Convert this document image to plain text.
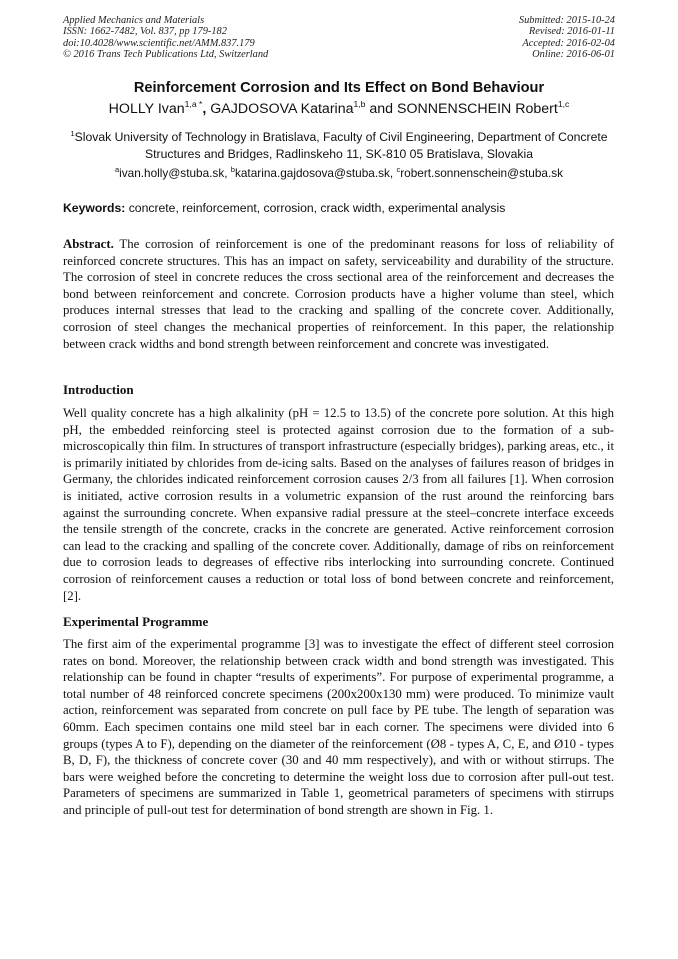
Applied Mechanics and Materials
ISSN: 1662-7482, Vol. 837, pp 179-182
doi:10.4028/www.scientific.net/AMM.837.179
© 2016 Trans Tech Publications Ltd, Switzerland
Submitted: 2015-10-24
Revised: 2016-01-11
Accepted: 2016-02-04
Online: 2016-06-01
Reinforcement Corrosion and Its Effect on Bond Behaviour
HOLLY Ivan$^{1,a *}$, GAJDOSOVA Katarina$^{1,b}$ and SONNENSCHEIN Robert$^{1,c}$
$^1$Slovak University of Technology in Bratislava, Faculty of Civil Engineering, Department of Concrete Structures and Bridges, Radlinskeho 11, SK-810 05 Bratislava, Slovakia
$^a$ivan.holly@stuba.sk, $^b$katarina.gajdosova@stuba.sk, $^c$robert.sonnenschein@stuba.sk
Keywords: concrete, reinforcement, corrosion, crack width, experimental analysis

Abstract. The corrosion of reinforcement is one of the predominant reasons for loss of reliability of reinforced concrete structures. This has an impact on safety, serviceability and durability of the structure. The corrosion of steel in concrete reduces the cross sectional area of the reinforcement and decreases the bond between reinforcement and concrete. Corrosion products have a higher volume than steel, which produces internal stresses that lead to the cracking and spalling of the concrete cover. Additionally, corrosion of steel changes the mechanical properties of reinforcement. In this paper, the relationship between crack widths and bond strength between reinforcement and concrete was investigated.

Introduction

Well quality concrete has a high alkalinity (pH = 12.5 to 13.5) of the concrete pore solution. At this high pH, the embedded reinforcing steel is protected against corrosion due to the formation of a sub-microscopically thin film. In structures of transport infrastructure (especially bridges), parking areas, etc., it is primarily initiated by chlorides from de-icing salts. Based on the analyses of failures reason of bridges in Germany, the chlorides indicated reinforcement corrosion causes 2/3 from all failures [1]. When corrosion is initiated, active corrosion results in a volumetric expansion of the rust around the reinforcing bars against the surrounding concrete. When expansive radial pressure at the steel–concrete interface exceeds the tensile strength of the concrete, cracks in the concrete are generated. Active reinforcement corrosion can lead to the cracking and spalling of the concrete cover. Additionally, damage of ribs on reinforcement due to corrosion leads to degreases of effective ribs interlocking into surrounding concrete. Continued corrosion of reinforcement causes a reduction or total loss of bond between concrete and reinforcement, [2].

Experimental Programme

The first aim of the experimental programme [3] was to investigate the effect of different steel corrosion rates on bond. Moreover, the relationship between crack width and bond strength was investigated. This relationship can be found in chapter “results of experiments”. For purpose of experimental programme, a total number of 48 reinforced concrete specimens (200x200x130 mm) were produced. To minimize vault action, reinforcement was separated from concrete on pull face by PE tube. The length of separation was 60mm. Each specimen contains one mild steel bar in each corner. The specimens were divided into 6 groups (types A to F), depending on the diameter of the reinforcement (Ø8 - types A, C, E, and Ø10 - types B, D, F), the thickness of concrete cover (30 and 40 mm respectively), and with or without stirrups. The bars were weighed before the concreting to determine the weight loss due to corrosion after pull-out test. Parameters of specimens are summarized in Table 1, geometrical parameters of specimens with stirrups and principle of pull-out test for determination of bond strength are shown in Fig. 1.
